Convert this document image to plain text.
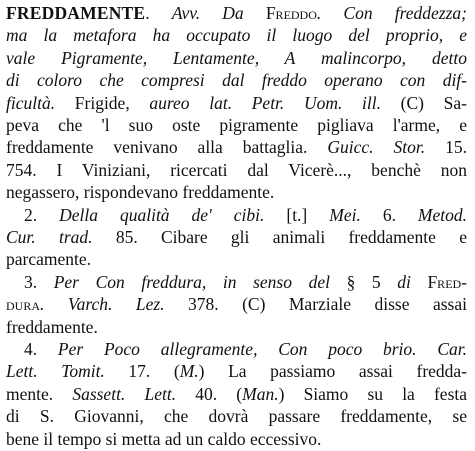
FREDDAMENTE. Avv. Da Freddo. Con freddezza;
ma la metafora ha occupato il luogo del proprio, e
vale Pigramente, Lentamente, A malincorpo, detto
di coloro che compresi dal freddo operano con dif-
ficultà. Frigide, aureo lat. Petr. Uom. ill. (C) Sa-
peva che 'l suo oste pigramente pigliava l'arme, e
freddamente venivano alla battaglia. Guicc. Stor. 15.
754. I Viniziani, ricercati dal Vicerè..., benchè non
negassero, rispondevano freddamente.
2. Della qualità de' cibi. [t.] Mei. 6. Metod.
Cur. trad. 85. Cibare gli animali freddamente e
parcamente.
3. Per Con freddura, in senso del § 5 di Fred-
dura. Varch. Lez. 378. (C) Marziale disse assai
freddamente.
4. Per Poco allegramente, Con poco brio. Car.
Lett. Tomit. 17. (M.) La passiamo assai fredda-
mente. Sassett. Lett. 40. (Man.) Siamo su la festa
di S. Giovanni, che dovrà passare freddamente, se
bene il tempo si metta ad un caldo eccessivo.
